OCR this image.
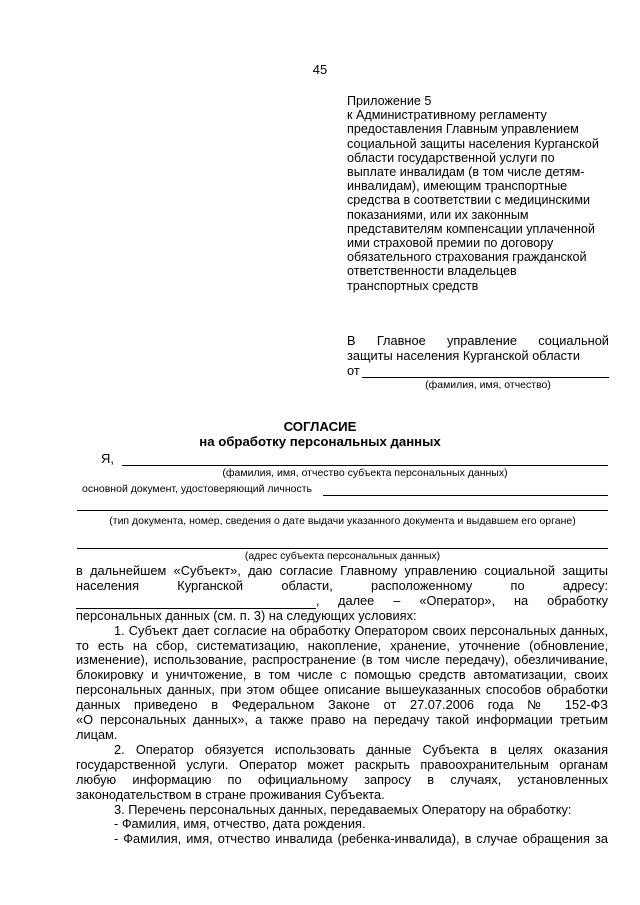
45
Приложение 5
к Административному регламенту
предоставления Главным управлением
социальной защиты населения Курганской
области государственной услуги по
выплате инвалидам (в том числе детям-
инвалидам), имеющим транспортные
средства в соответствии с медицинскими
показаниями, или их законным
представителям компенсации уплаченной
ими страховой премии по договору
обязательного страхования гражданской
ответственности владельцев
транспортных средств
В Главное управление социальной
защиты населения Курганской области
от
(фамилия, имя, отчество)
СОГЛАСИЕ
на обработку персональных данных
Я,
(фамилия, имя, отчество субъекта персональных данных)
основной документ, удостоверяющий личность
(тип документа, номер, сведения о дате выдачи указанного документа и выдавшем его органе)
(адрес субъекта персональных данных)
в дальнейшем «Субъект», даю согласие Главному управлению социальной защиты
населения Курганской области, расположенному по адресу:
, далее – «Оператор», на обработку
персональных данных (см. п. 3) на следующих условиях:
1. Субъект дает согласие на обработку Оператором своих персональных данных,
то есть на сбор, систематизацию, накопление, хранение, уточнение (обновление,
изменение), использование, распространение (в том числе передачу), обезличивание,
блокировку и уничтожение, в том числе с помощью средств автоматизации, своих
персональных данных, при этом общее описание вышеуказанных способов обработки
данных приведено в Федеральном Законе от 27.07.2006 года № 152-ФЗ
«О персональных данных», а также право на передачу такой информации третьим
лицам.
2. Оператор обязуется использовать данные Субъекта в целях оказания
государственной услуги. Оператор может раскрыть правоохранительным органам
любую информацию по официальному запросу в случаях, установленных
законодательством в стране проживания Субъекта.
3. Перечень персональных данных, передаваемых Оператору на обработку:
- Фамилия, имя, отчество, дата рождения.
- Фамилия, имя, отчество инвалида (ребенка-инвалида), в случае обращения за
